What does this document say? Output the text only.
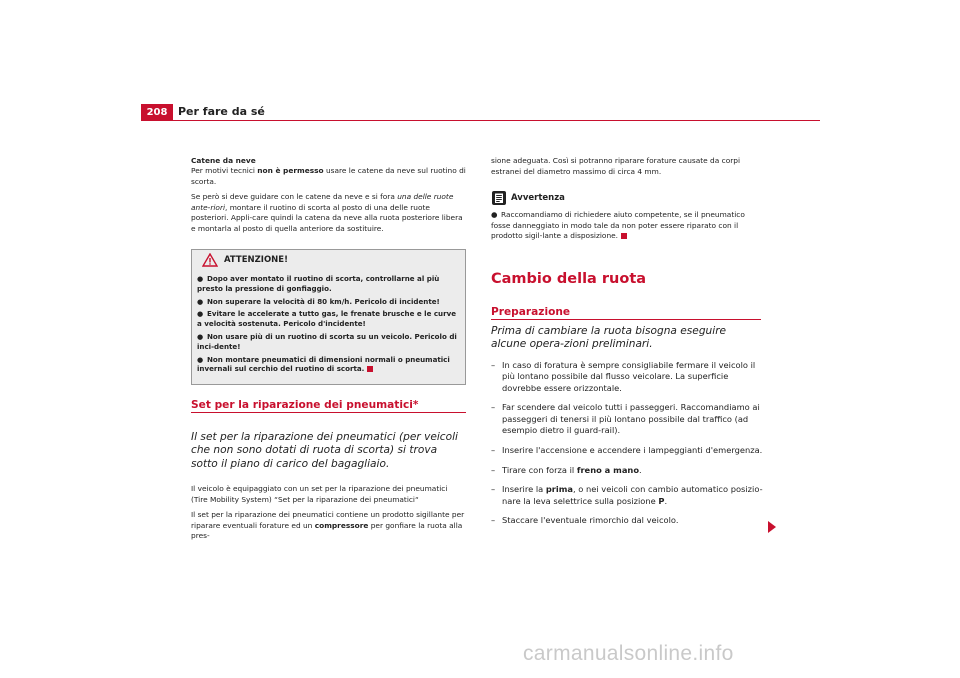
208 Per fare da sé

Catene da neve

Per motivi tecnici non è permesso usare le catene da neve sul ruotino di scorta.

Se però si deve guidare con le catene da neve e si fora una delle ruote ante-riori, montare il ruotino di scorta al posto di una delle ruote posteriori. Appli-care quindi la catena da neve alla ruota posteriore libera e montarla al posto di quella anteriore da sostituire.

ATTENZIONE!

● Dopo aver montato il ruotino di scorta, controllarne al più presto la pressione di gonfiaggio.

● Non superare la velocità di 80 km/h. Pericolo di incidente!

● Evitare le accelerate a tutto gas, le frenate brusche e le curve a velocità sostenuta. Pericolo d'incidente!

● Non usare più di un ruotino di scorta su un veicolo. Pericolo di inci-dente!

● Non montare pneumatici di dimensioni normali o pneumatici invernali sul cerchio del ruotino di scorta.

Set per la riparazione dei pneumatici*
Il set per la riparazione dei pneumatici (per veicoli che non sono dotati di ruota di scorta) si trova sotto il piano di carico del bagagliaio.

Il veicolo è equipaggiato con un set per la riparazione dei pneumatici (Tire Mobility System) “Set per la riparazione dei pneumatici“

Il set per la riparazione dei pneumatici contiene un prodotto sigillante per riparare eventuali forature ed un compressore per gonfiare la ruota alla pres-

sione adeguata. Così si potranno riparare forature causate da corpi estranei del diametro massimo di circa 4 mm.

Avvertenza

● Raccomandiamo di richiedere aiuto competente, se il pneumatico fosse danneggiato in modo tale da non poter essere riparato con il prodotto sigil-lante a disposizione.

Cambio della ruota
Preparazione
Prima di cambiare la ruota bisogna eseguire alcune opera-zioni preliminari.
– In caso di foratura è sempre consigliabile fermare il veicolo il più lontano possibile dal flusso veicolare. La superficie dovrebbe essere orizzontale.
– Far scendere dal veicolo tutti i passeggeri. Raccomandiamo ai passeggeri di tenersi il più lontano possibile dal traffico (ad esempio dietro il guard-rail).
– Inserire l'accensione e accendere i lampeggianti d'emergenza.
– Tirare con forza il freno a mano.
– Inserire la prima, o nei veicoli con cambio automatico posizio-nare la leva selettrice sulla posizione P.
– Staccare l'eventuale rimorchio dal veicolo.
carmanualsonline.info
